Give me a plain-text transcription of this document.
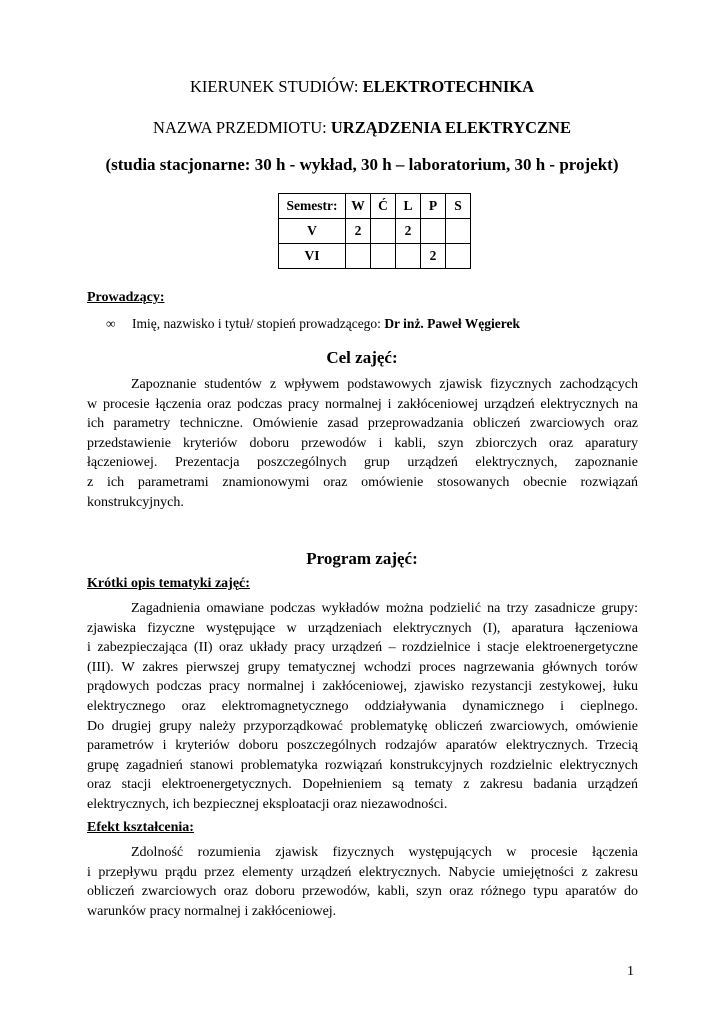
KIERUNEK STUDIÓW: ELEKTROTECHNIKA
NAZWA PRZEDMIOTU: URZĄDZENIA ELEKTRYCZNE
(studia stacjonarne: 30 h - wykład, 30 h – laboratorium, 30 h - projekt)
Semestr:	W	Ć	L	P	S
V	2		2		
VI				2	
Prowadzący:
∞ Imię, nazwisko i tytuł/ stopień prowadzącego: Dr inż. Paweł Węgierek
Cel zajęć:
Zapoznanie studentów z wpływem podstawowych zjawisk fizycznych zachodzących
w procesie łączenia oraz podczas pracy normalnej i zakłóceniowej urządzeń elektrycznych na
ich parametry techniczne. Omówienie zasad przeprowadzania obliczeń zwarciowych oraz
przedstawienie kryteriów doboru przewodów i kabli, szyn zbiorczych oraz aparatury
łączeniowej. Prezentacja poszczególnych grup urządzeń elektrycznych, zapoznanie
z ich parametrami znamionowymi oraz omówienie stosowanych obecnie rozwiązań
konstrukcyjnych.
Program zajęć:
Krótki opis tematyki zajęć:
Zagadnienia omawiane podczas wykładów można podzielić na trzy zasadnicze grupy:
zjawiska fizyczne występujące w urządzeniach elektrycznych (I), aparatura łączeniowa
i zabezpieczająca (II) oraz układy pracy urządzeń – rozdzielnice i stacje elektroenergetyczne
(III). W zakres pierwszej grupy tematycznej wchodzi proces nagrzewania głównych torów
prądowych podczas pracy normalnej i zakłóceniowej, zjawisko rezystancji zestykowej, łuku
elektrycznego oraz elektromagnetycznego oddziaływania dynamicznego i cieplnego.
Do drugiej grupy należy przyporządkować problematykę obliczeń zwarciowych, omówienie
parametrów i kryteriów doboru poszczególnych rodzajów aparatów elektrycznych. Trzecią
grupę zagadnień stanowi problematyka rozwiązań konstrukcyjnych rozdzielnic elektrycznych
oraz stacji elektroenergetycznych. Dopełnieniem są tematy z zakresu badania urządzeń
elektrycznych, ich bezpiecznej eksploatacji oraz niezawodności.
Efekt kształcenia:
Zdolność rozumienia zjawisk fizycznych występujących w procesie łączenia
i przepływu prądu przez elementy urządzeń elektrycznych. Nabycie umiejętności z zakresu
obliczeń zwarciowych oraz doboru przewodów, kabli, szyn oraz różnego typu aparatów do
warunków pracy normalnej i zakłóceniowej.
1
